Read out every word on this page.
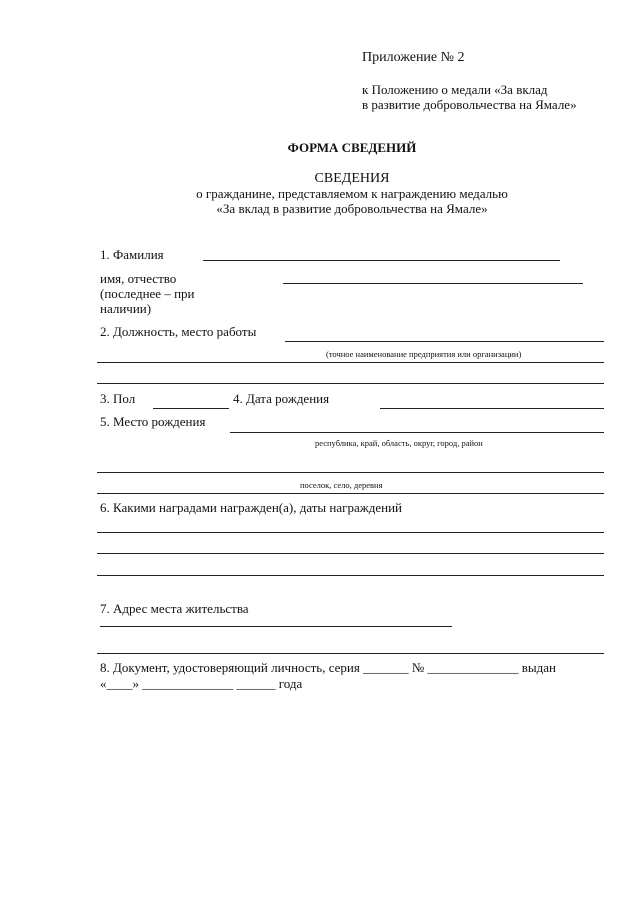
Приложение № 2
к Положению о медали «За вклад
в развитие добровольчества на Ямале»
ФОРМА СВЕДЕНИЙ
СВЕДЕНИЯ
о гражданине, представляемом к награждению медалью
«За вклад в развитие добровольчества на Ямале»
1. Фамилия
имя, отчество
(последнее – при
наличии)
2. Должность, место работы
(точное наименование предприятия или организации)
3. Пол	4. Дата рождения
5. Место рождения
республика, край, область, округ, город, район
поселок, село, деревня
6. Какими наградами награжден(а), даты награждений
7. Адрес места жительства
8. Документ, удостоверяющий личность, серия _______ № ______________ выдан
«____» ______________ ______ года
